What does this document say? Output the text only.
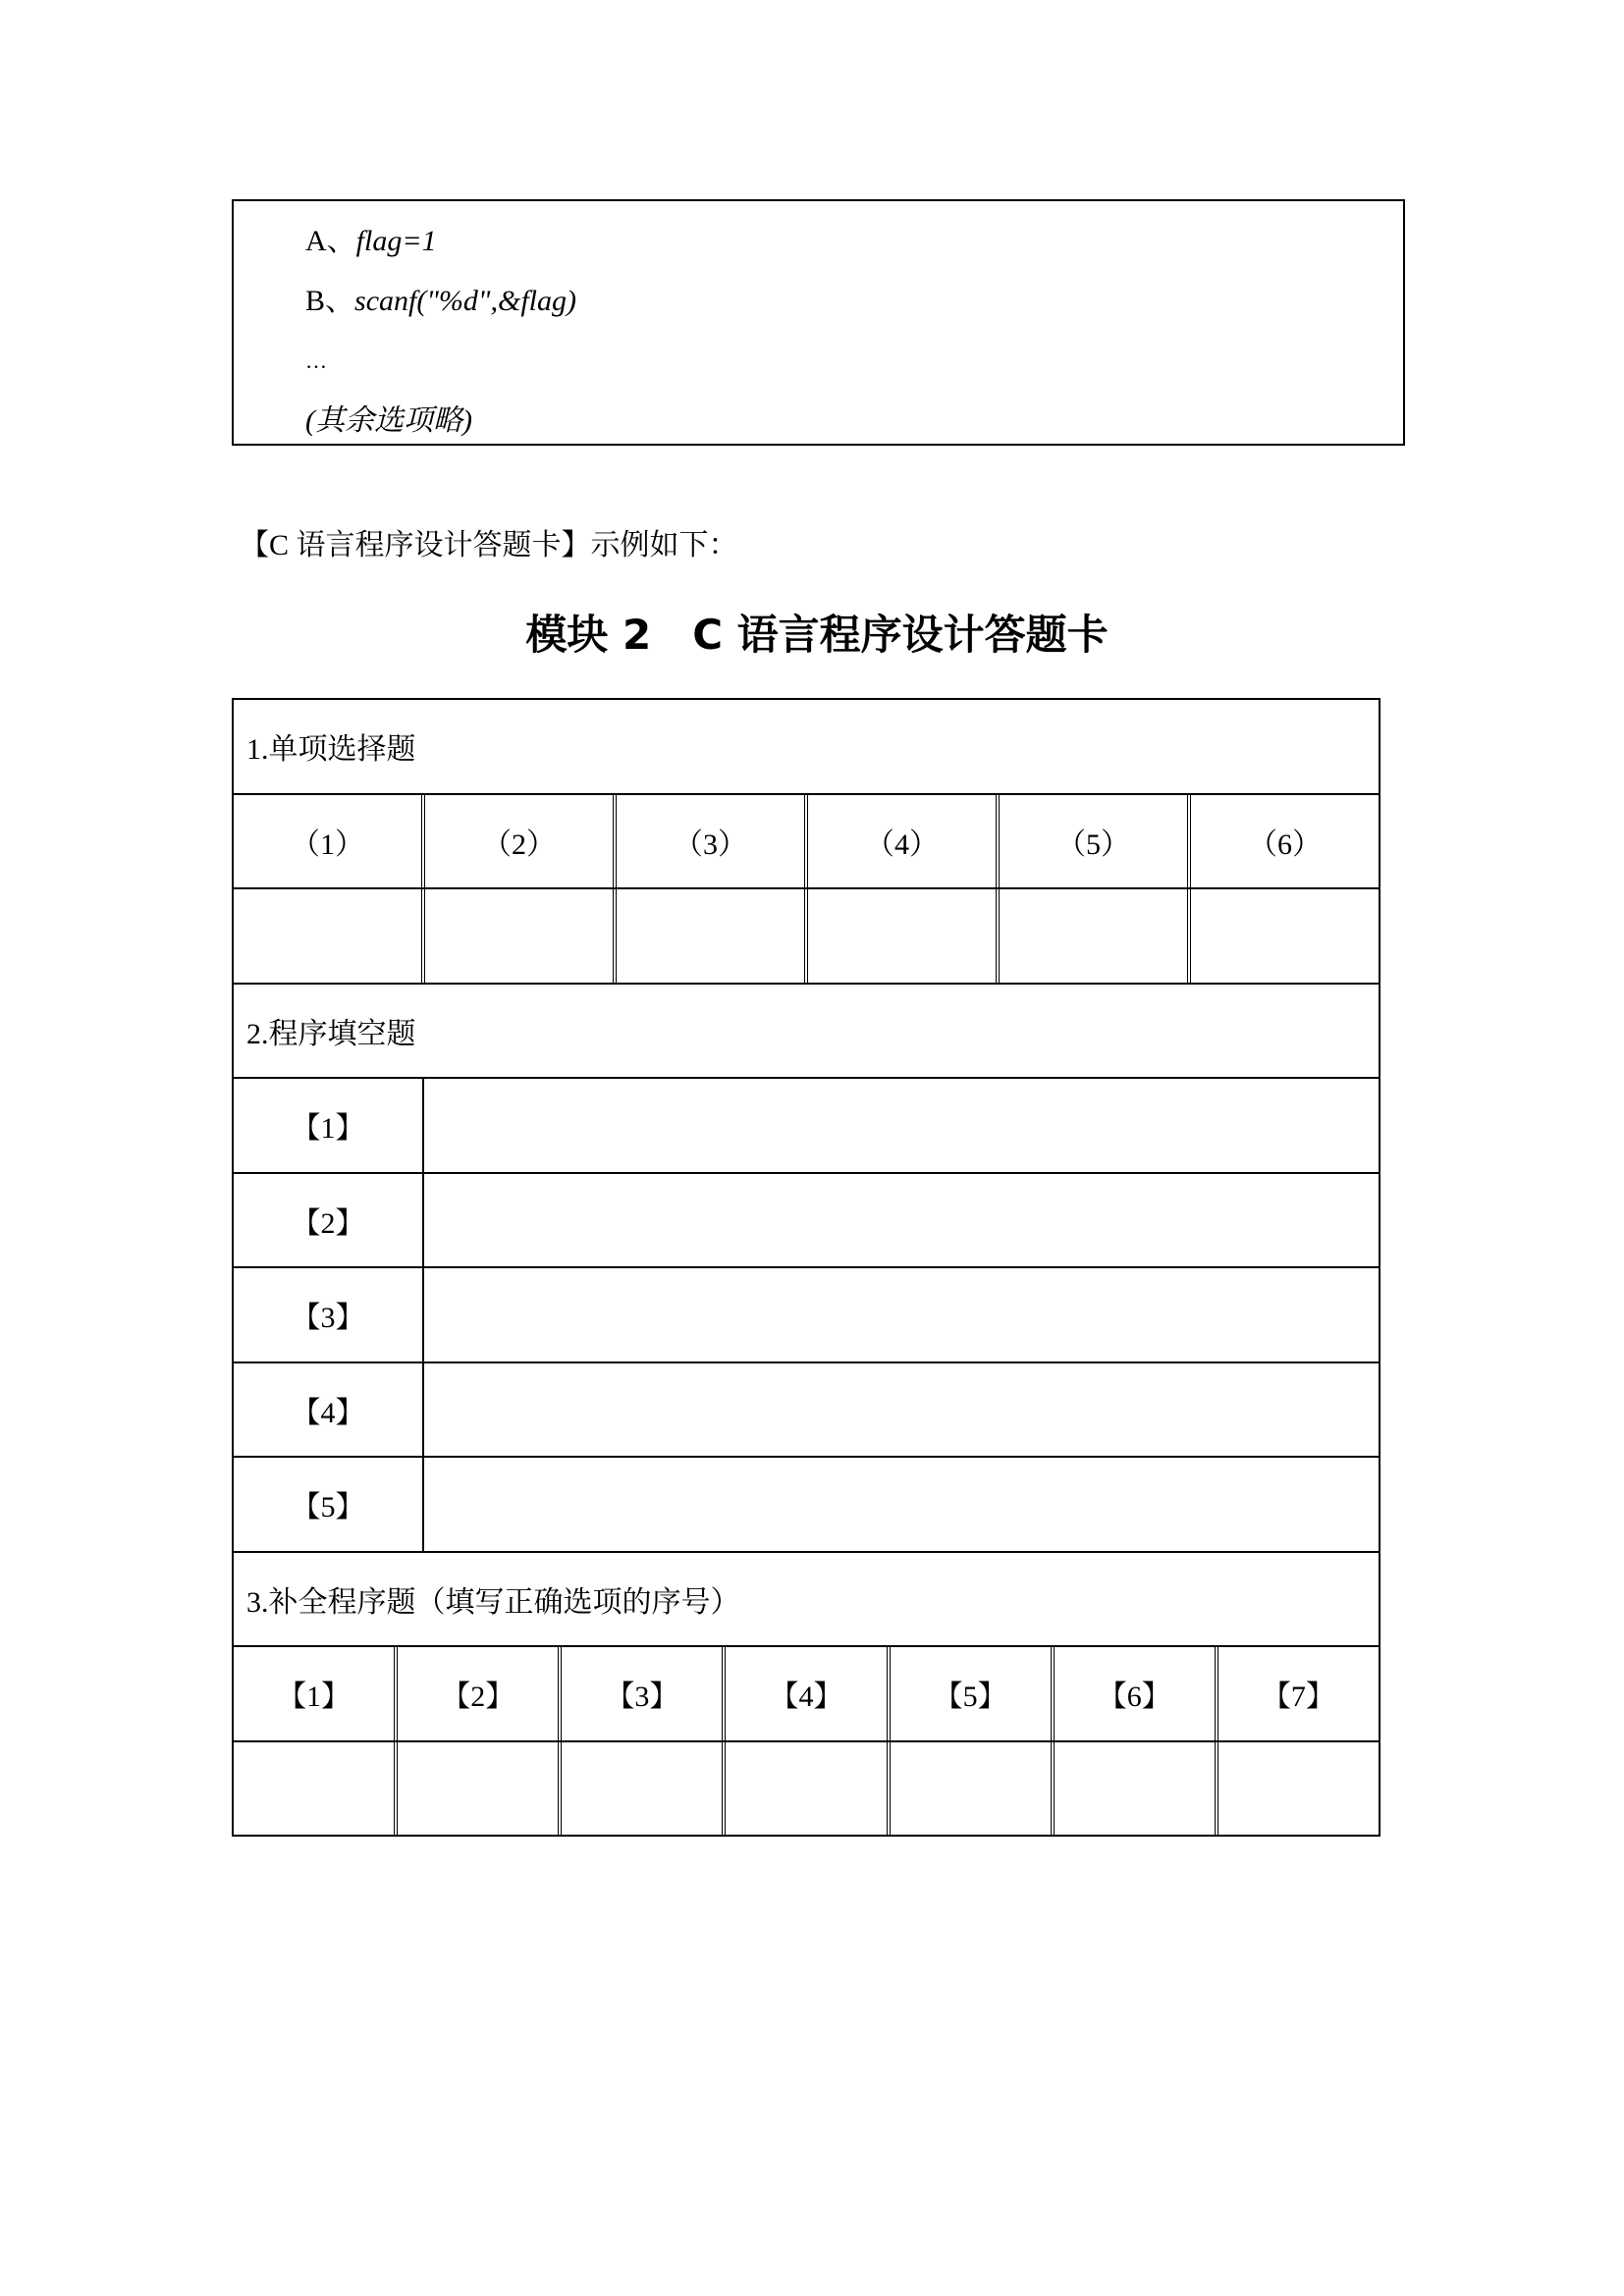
A、flag=1
B、scanf("%d",&flag)
…
(其余选项略)
【C 语言程序设计答题卡】示例如下：
模块 2　C 语言程序设计答题卡
1.单项选择题
（1）	（2）	（3）	（4）	（5）	（6）
2.程序填空题
【1】
【2】
【3】
【4】
【5】
3.补全程序题（填写正确选项的序号）
【1】	【2】	【3】	【4】	【5】	【6】	【7】
